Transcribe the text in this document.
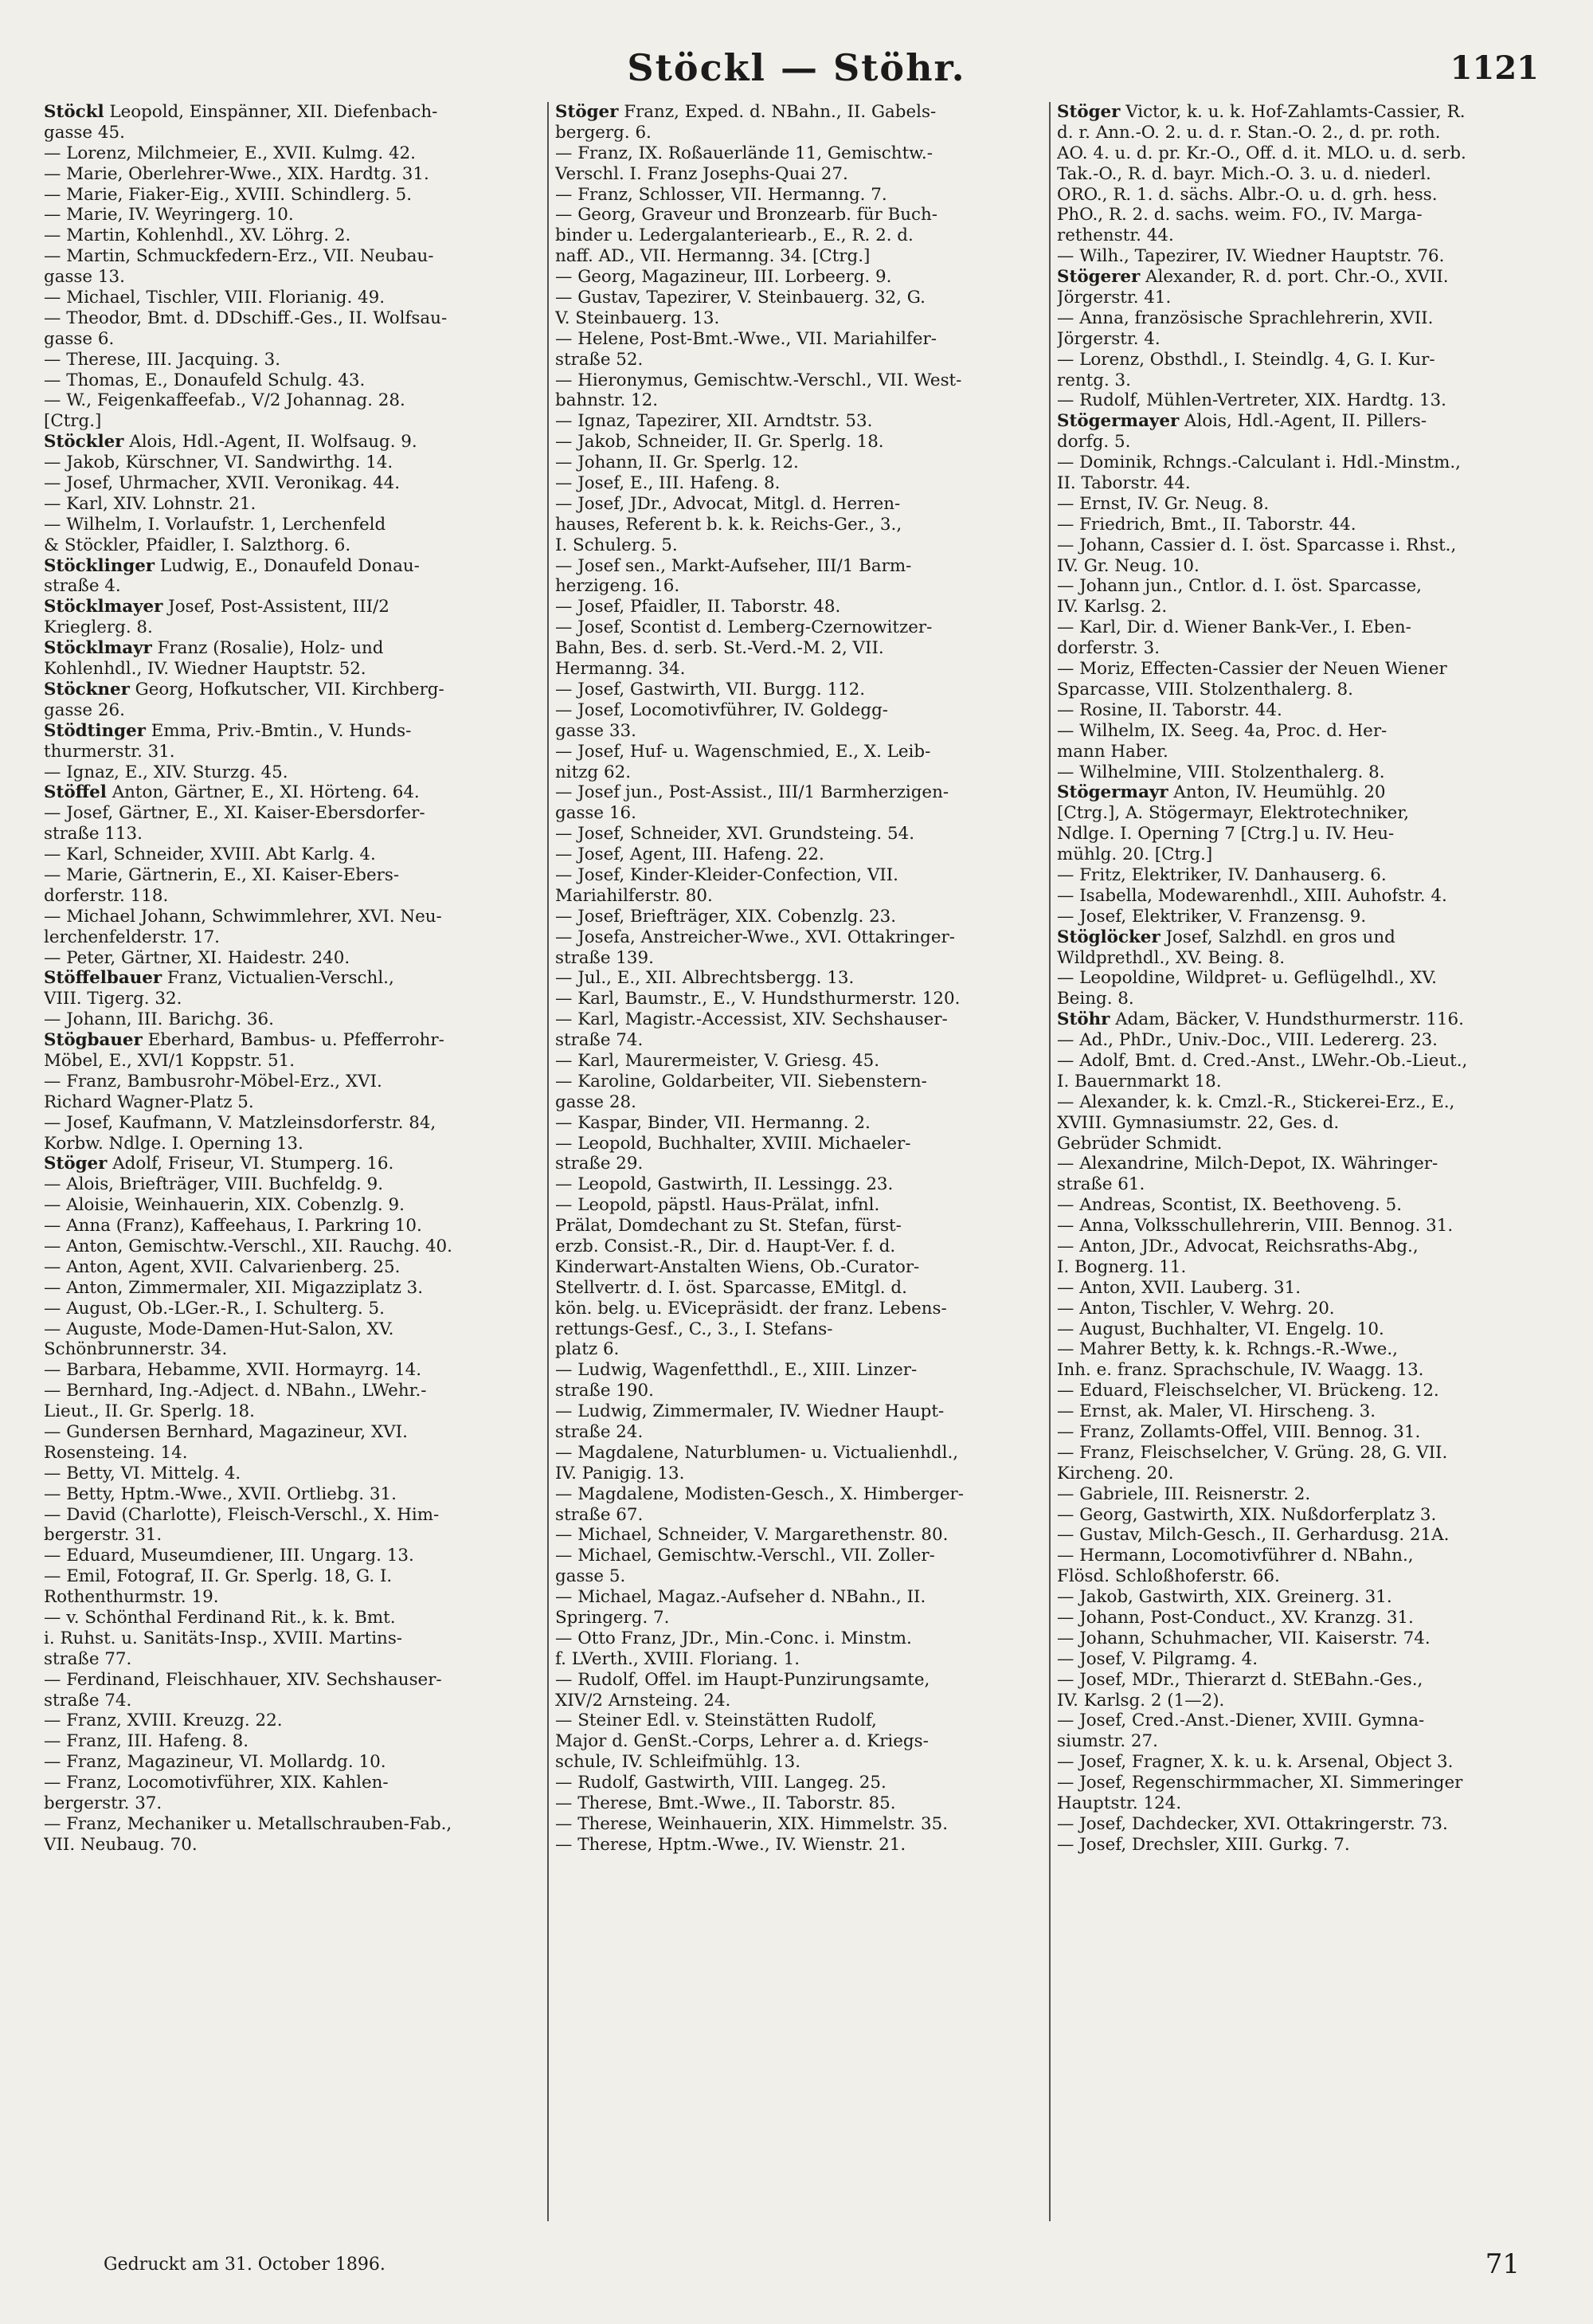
Stöckl — Stöhr.	1121
Stöckl Leopold, Einspänner, XII. Diefenbach-
gasse 45.
— Lorenz, Milchmeier, E., XVII. Kulmg. 42.
— Marie, Oberlehrer-Wwe., XIX. Hardtg. 31.
— Marie, Fiaker-Eig., XVIII. Schindlerg. 5.
— Marie, IV. Weyringerg. 10.
— Martin, Kohlenhdl., XV. Löhrg. 2.
— Martin, Schmuckfedern-Erz., VII. Neubau-
gasse 13.
— Michael, Tischler, VIII. Florianig. 49.
— Theodor, Bmt. d. DDschiff.-Ges., II. Wolfsau-
gasse 6.
— Therese, III. Jacquing. 3.
— Thomas, E., Donaufeld Schulg. 43.
— W., Feigenkaffeefab., V/2 Johannag. 28.
[Ctrg.]
Stöckler Alois, Hdl.-Agent, II. Wolfsaug. 9.
— Jakob, Kürschner, VI. Sandwirthg. 14.
— Josef, Uhrmacher, XVII. Veronikag. 44.
— Karl, XIV. Lohnstr. 21.
— Wilhelm, I. Vorlaufstr. 1, Lerchenfeld
& Stöckler, Pfaidler, I. Salzthorg. 6.
Stöcklinger Ludwig, E., Donaufeld Donau-
straße 4.
Stöcklmayer Josef, Post-Assistent, III/2
Krieglerg. 8.
Stöcklmayr Franz (Rosalie), Holz- und
Kohlenhdl., IV. Wiedner Hauptstr. 52.
Stöckner Georg, Hofkutscher, VII. Kirchberg-
gasse 26.
Stödtinger Emma, Priv.-Bmtin., V. Hunds-
thurmerstr. 31.
— Ignaz, E., XIV. Sturzg. 45.
Stöffel Anton, Gärtner, E., XI. Hörteng. 64.
— Josef, Gärtner, E., XI. Kaiser-Ebersdorfer-
straße 113.
— Karl, Schneider, XVIII. Abt Karlg. 4.
— Marie, Gärtnerin, E., XI. Kaiser-Ebers-
dorferstr. 118.
— Michael Johann, Schwimmlehrer, XVI. Neu-
lerchenfelderstr. 17.
— Peter, Gärtner, XI. Haidestr. 240.
Stöffelbauer Franz, Victualien-Verschl.,
VIII. Tigerg. 32.
— Johann, III. Barichg. 36.
Stögbauer Eberhard, Bambus- u. Pfefferrohr-
Möbel, E., XVI/1 Koppstr. 51.
— Franz, Bambusrohr-Möbel-Erz., XVI.
Richard Wagner-Platz 5.
— Josef, Kaufmann, V. Matzleinsdorferstr. 84,
Korbw. Ndlge. I. Operning 13.
Stöger Adolf, Friseur, VI. Stumperg. 16.
— Alois, Briefträger, VIII. Buchfeldg. 9.
— Aloisie, Weinhauerin, XIX. Cobenzlg. 9.
— Anna (Franz), Kaffeehaus, I. Parkring 10.
— Anton, Gemischtw.-Verschl., XII. Rauchg. 40.
— Anton, Agent, XVII. Calvarienberg. 25.
— Anton, Zimmermaler, XII. Migazziplatz 3.
— August, Ob.-LGer.-R., I. Schulterg. 5.
— Auguste, Mode-Damen-Hut-Salon, XV.
Schönbrunnerstr. 34.
— Barbara, Hebamme, XVII. Hormayrg. 14.
— Bernhard, Ing.-Adject. d. NBahn., LWehr.-
Lieut., II. Gr. Sperlg. 18.
— Gundersen Bernhard, Magazineur, XVI.
Rosensteing. 14.
— Betty, VI. Mittelg. 4.
— Betty, Hptm.-Wwe., XVII. Ortliebg. 31.
— David (Charlotte), Fleisch-Verschl., X. Him-
bergerstr. 31.
— Eduard, Museumdiener, III. Ungarg. 13.
— Emil, Fotograf, II. Gr. Sperlg. 18, G. I.
Rothenthurmstr. 19.
— v. Schönthal Ferdinand Rit., k. k. Bmt.
i. Ruhst. u. Sanitäts-Insp., XVIII. Martins-
straße 77.
— Ferdinand, Fleischhauer, XIV. Sechshauser-
straße 74.
— Franz, XVIII. Kreuzg. 22.
— Franz, III. Hafeng. 8.
— Franz, Magazineur, VI. Mollardg. 10.
— Franz, Locomotivführer, XIX. Kahlen-
bergerstr. 37.
— Franz, Mechaniker u. Metallschrauben-Fab.,
VII. Neubaug. 70.
Stöger Franz, Exped. d. NBahn., II. Gabels-
bergerg. 6.
— Franz, IX. Roßauerlände 11, Gemischtw.-
Verschl. I. Franz Josephs-Quai 27.
— Franz, Schlosser, VII. Hermanng. 7.
— Georg, Graveur und Bronzearb. für Buch-
binder u. Ledergalanteriearb., E., R. 2. d.
naff. AD., VII. Hermanng. 34. [Ctrg.]
— Georg, Magazineur, III. Lorbeerg. 9.
— Gustav, Tapezirer, V. Steinbauerg. 32, G.
V. Steinbauerg. 13.
— Helene, Post-Bmt.-Wwe., VII. Mariahilfer-
straße 52.
— Hieronymus, Gemischtw.-Verschl., VII. West-
bahnstr. 12.
— Ignaz, Tapezirer, XII. Arndtstr. 53.
— Jakob, Schneider, II. Gr. Sperlg. 18.
— Johann, II. Gr. Sperlg. 12.
— Josef, E., III. Hafeng. 8.
— Josef, JDr., Advocat, Mitgl. d. Herren-
hauses, Referent b. k. k. Reichs-Ger., 3.,
I. Schulerg. 5.
— Josef sen., Markt-Aufseher, III/1 Barm-
herzigeng. 16.
— Josef, Pfaidler, II. Taborstr. 48.
— Josef, Scontist d. Lemberg-Czernowitzer-
Bahn, Bes. d. serb. St.-Verd.-M. 2, VII.
Hermanng. 34.
— Josef, Gastwirth, VII. Burgg. 112.
— Josef, Locomotivführer, IV. Goldegg-
gasse 33.
— Josef, Huf- u. Wagenschmied, E., X. Leib-
nitzg 62.
— Josef jun., Post-Assist., III/1 Barmherzigen-
gasse 16.
— Josef, Schneider, XVI. Grundsteing. 54.
— Josef, Agent, III. Hafeng. 22.
— Josef, Kinder-Kleider-Confection, VII.
Mariahilferstr. 80.
— Josef, Briefträger, XIX. Cobenzlg. 23.
— Josefa, Anstreicher-Wwe., XVI. Ottakringer-
straße 139.
— Jul., E., XII. Albrechtsbergg. 13.
— Karl, Baumstr., E., V. Hundsthurmerstr. 120.
— Karl, Magistr.-Accessist, XIV. Sechshauser-
straße 74.
— Karl, Maurermeister, V. Griesg. 45.
— Karoline, Goldarbeiter, VII. Siebenstern-
gasse 28.
— Kaspar, Binder, VII. Hermanng. 2.
— Leopold, Buchhalter, XVIII. Michaeler-
straße 29.
— Leopold, Gastwirth, II. Lessingg. 23.
— Leopold, päpstl. Haus-Prälat, infnl.
Prälat, Domdechant zu St. Stefan, fürst-
erzb. Consist.-R., Dir. d. Haupt-Ver. f. d.
Kinderwart-Anstalten Wiens, Ob.-Curator-
Stellvertr. d. I. öst. Sparcasse, EMitgl. d.
kön. belg. u. EVicepräsidt. der franz. Lebens-
rettungs-Gesf., C., 3., I. Stefans-
platz 6.
— Ludwig, Wagenfetthdl., E., XIII. Linzer-
straße 190.
— Ludwig, Zimmermaler, IV. Wiedner Haupt-
straße 24.
— Magdalene, Naturblumen- u. Victualienhdl.,
IV. Panigig. 13.
— Magdalene, Modisten-Gesch., X. Himberger-
straße 67.
— Michael, Schneider, V. Margarethenstr. 80.
— Michael, Gemischtw.-Verschl., VII. Zoller-
gasse 5.
— Michael, Magaz.-Aufseher d. NBahn., II.
Springerg. 7.
— Otto Franz, JDr., Min.-Conc. i. Minstm.
f. LVerth., XVIII. Floriang. 1.
— Rudolf, Offel. im Haupt-Punzirungsamte,
XIV/2 Arnsteing. 24.
— Steiner Edl. v. Steinstätten Rudolf,
Major d. GenSt.-Corps, Lehrer a. d. Kriegs-
schule, IV. Schleifmühlg. 13.
— Rudolf, Gastwirth, VIII. Langeg. 25.
— Therese, Bmt.-Wwe., II. Taborstr. 85.
— Therese, Weinhauerin, XIX. Himmelstr. 35.
— Therese, Hptm.-Wwe., IV. Wienstr. 21.
Stöger Victor, k. u. k. Hof-Zahlamts-Cassier, R.
d. r. Ann.-O. 2. u. d. r. Stan.-O. 2., d. pr. roth.
AO. 4. u. d. pr. Kr.-O., Off. d. it. MLO. u. d. serb.
Tak.-O., R. d. bayr. Mich.-O. 3. u. d. niederl.
ORO., R. 1. d. sächs. Albr.-O. u. d. grh. hess.
PhO., R. 2. d. sachs. weim. FO., IV. Marga-
rethenstr. 44.
— Wilh., Tapezirer, IV. Wiedner Hauptstr. 76.
Stögerer Alexander, R. d. port. Chr.-O., XVII.
Jörgerstr. 41.
— Anna, französische Sprachlehrerin, XVII.
Jörgerstr. 4.
— Lorenz, Obsthdl., I. Steindlg. 4, G. I. Kur-
rentg. 3.
— Rudolf, Mühlen-Vertreter, XIX. Hardtg. 13.
Stögermayer Alois, Hdl.-Agent, II. Pillers-
dorfg. 5.
— Dominik, Rchngs.-Calculant i. Hdl.-Minstm.,
II. Taborstr. 44.
— Ernst, IV. Gr. Neug. 8.
— Friedrich, Bmt., II. Taborstr. 44.
— Johann, Cassier d. I. öst. Sparcasse i. Rhst.,
IV. Gr. Neug. 10.
— Johann jun., Cntlor. d. I. öst. Sparcasse,
IV. Karlsg. 2.
— Karl, Dir. d. Wiener Bank-Ver., I. Eben-
dorferstr. 3.
— Moriz, Effecten-Cassier der Neuen Wiener
Sparcasse, VIII. Stolzenthalerg. 8.
— Rosine, II. Taborstr. 44.
— Wilhelm, IX. Seeg. 4a, Proc. d. Her-
mann Haber.
— Wilhelmine, VIII. Stolzenthalerg. 8.
Stögermayr Anton, IV. Heumühlg. 20
[Ctrg.], A. Stögermayr, Elektrotechniker,
Ndlge. I. Operning 7 [Ctrg.] u. IV. Heu-
mühlg. 20. [Ctrg.]
— Fritz, Elektriker, IV. Danhauserg. 6.
— Isabella, Modewarenhdl., XIII. Auhofstr. 4.
— Josef, Elektriker, V. Franzensg. 9.
Stöglöcker Josef, Salzhdl. en gros und
Wildprethdl., XV. Being. 8.
— Leopoldine, Wildpret- u. Geflügelhdl., XV.
Being. 8.
Stöhr Adam, Bäcker, V. Hundsthurmerstr. 116.
— Ad., PhDr., Univ.-Doc., VIII. Ledererg. 23.
— Adolf, Bmt. d. Cred.-Anst., LWehr.-Ob.-Lieut.,
I. Bauernmarkt 18.
— Alexander, k. k. Cmzl.-R., Stickerei-Erz., E.,
XVIII. Gymnasiumstr. 22, Ges. d.
Gebrüder Schmidt.
— Alexandrine, Milch-Depot, IX. Währinger-
straße 61.
— Andreas, Scontist, IX. Beethoveng. 5.
— Anna, Volksschullehrerin, VIII. Bennog. 31.
— Anton, JDr., Advocat, Reichsraths-Abg.,
I. Bognerg. 11.
— Anton, XVII. Lauberg. 31.
— Anton, Tischler, V. Wehrg. 20.
— August, Buchhalter, VI. Engelg. 10.
— Mahrer Betty, k. k. Rchngs.-R.-Wwe.,
Inh. e. franz. Sprachschule, IV. Waagg. 13.
— Eduard, Fleischselcher, VI. Brückeng. 12.
— Ernst, ak. Maler, VI. Hirscheng. 3.
— Franz, Zollamts-Offel, VIII. Bennog. 31.
— Franz, Fleischselcher, V. Grüng. 28, G. VII.
Kircheng. 20.
— Gabriele, III. Reisnerstr. 2.
— Georg, Gastwirth, XIX. Nußdorferplatz 3.
— Gustav, Milch-Gesch., II. Gerhardusg. 21A.
— Hermann, Locomotivführer d. NBahn.,
Flösd. Schloßhoferstr. 66.
— Jakob, Gastwirth, XIX. Greinerg. 31.
— Johann, Post-Conduct., XV. Kranzg. 31.
— Johann, Schuhmacher, VII. Kaiserstr. 74.
— Josef, V. Pilgramg. 4.
— Josef, MDr., Thierarzt d. StEBahn.-Ges.,
IV. Karlsg. 2 (1—2).
— Josef, Cred.-Anst.-Diener, XVIII. Gymna-
siumstr. 27.
— Josef, Fragner, X. k. u. k. Arsenal, Object 3.
— Josef, Regenschirmmacher, XI. Simmeringer
Hauptstr. 124.
— Josef, Dachdecker, XVI. Ottakringerstr. 73.
— Josef, Drechsler, XIII. Gurkg. 7.
Gedruckt am 31. October 1896.	71
